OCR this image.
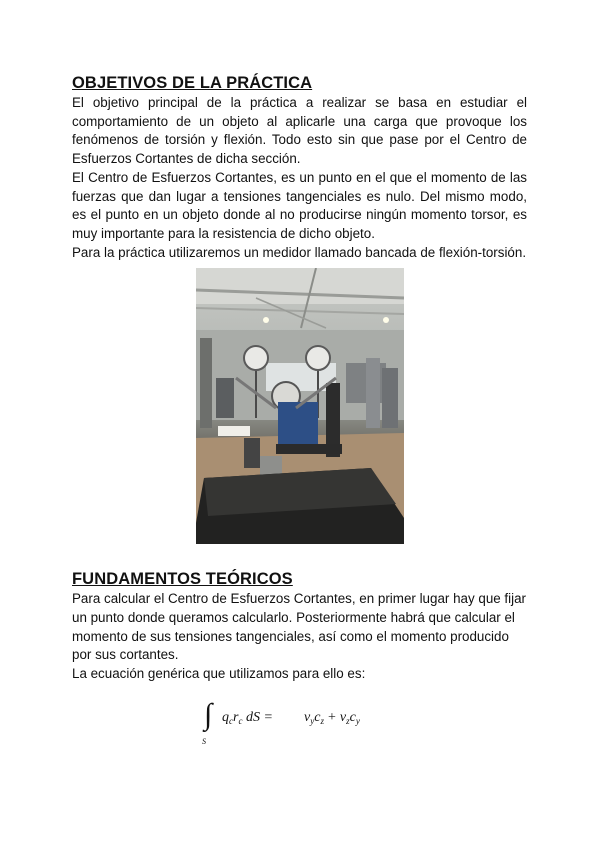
OBJETIVOS DE LA PRÁCTICA

El objetivo principal de la práctica a realizar se basa en estudiar el comportamiento de un objeto al aplicarle una carga que provoque los fenómenos de torsión y flexión. Todo esto sin que pase por el Centro de Esfuerzos Cortantes de dicha sección.

El Centro de Esfuerzos Cortantes, es un punto en el que el momento de las fuerzas que dan lugar a tensiones tangenciales es nulo. Del mismo modo, es el punto en un objeto donde al no producirse ningún momento torsor, es muy importante para la resistencia de dicho objeto.

Para la práctica utilizaremos un medidor llamado bancada de flexión-torsión.

FUNDAMENTOS TEÓRICOS

Para calcular el Centro de Esfuerzos Cortantes, en primer lugar hay que fijar un punto donde queramos calcularlo. Posteriormente habrá que calcular el momento de sus tensiones tangenciales, así como el momento producido por sus cortantes.

La ecuación genérica que utilizamos para ello es:

∫
S
$q_cr_c$ dS = $v_yc_z + v_zc_y$
